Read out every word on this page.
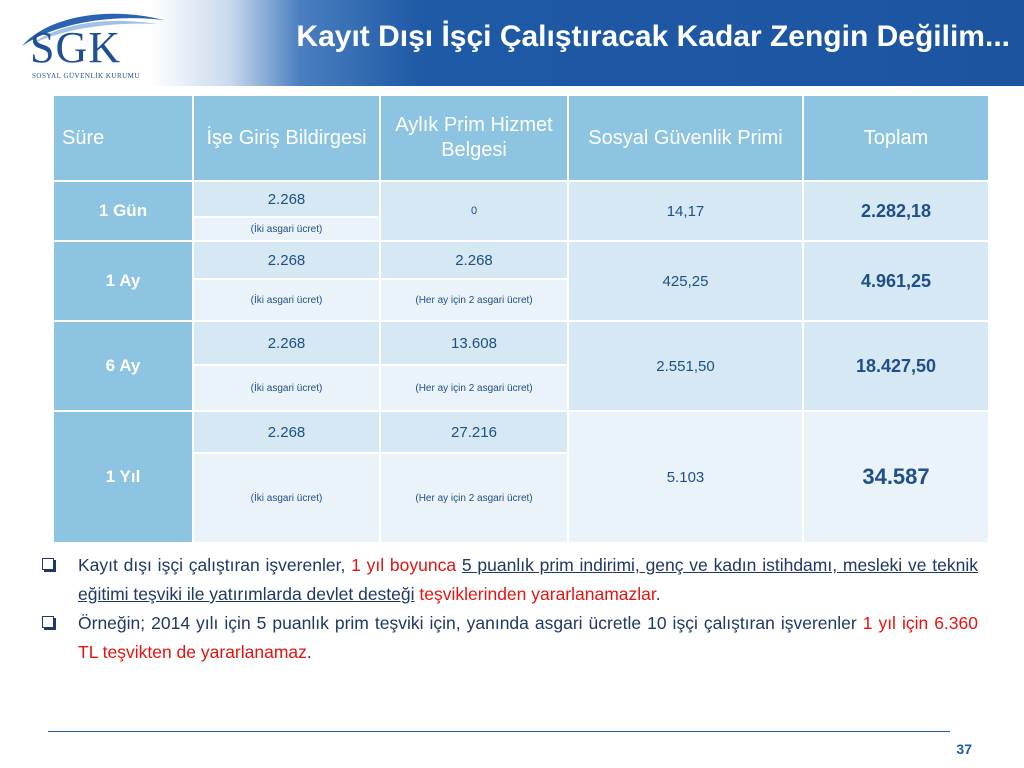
SGK
SOSYAL GÜVENLİK KURUMU
Kayıt Dışı İşçi Çalıştıracak Kadar Zengin Değilim...
Süre	İşe Giriş Bildirgesi	Aylık Prim Hizmet Belgesi	Sosyal Güvenlik Primi	Toplam
1 Gün	2.268	0	14,17	2.282,18
	(İki asgari ücret)			
1 Ay	2.268	2.268	425,25	4.961,25
	(İki asgari ücret)	(Her ay için 2 asgari ücret)		
6 Ay	2.268	13.608	2.551,50	18.427,50
	(İki asgari ücret)	(Her ay için 2 asgari ücret)		
1 Yıl	2.268	27.216	5.103	34.587
	(İki asgari ücret)	(Her ay için 2 asgari ücret)		
Kayıt dışı işçi çalıştıran işverenler, 1 yıl boyunca 5 puanlık prim indirimi, genç ve kadın istihdamı, mesleki ve teknik eğitimi teşviki ile yatırımlarda devlet desteği teşviklerinden yararlanamazlar.
Örneğin; 2014 yılı için 5 puanlık prim teşviki için, yanında asgari ücretle 10 işçi çalıştıran işverenler 1 yıl için 6.360 TL teşvikten de yararlanamaz.
37
